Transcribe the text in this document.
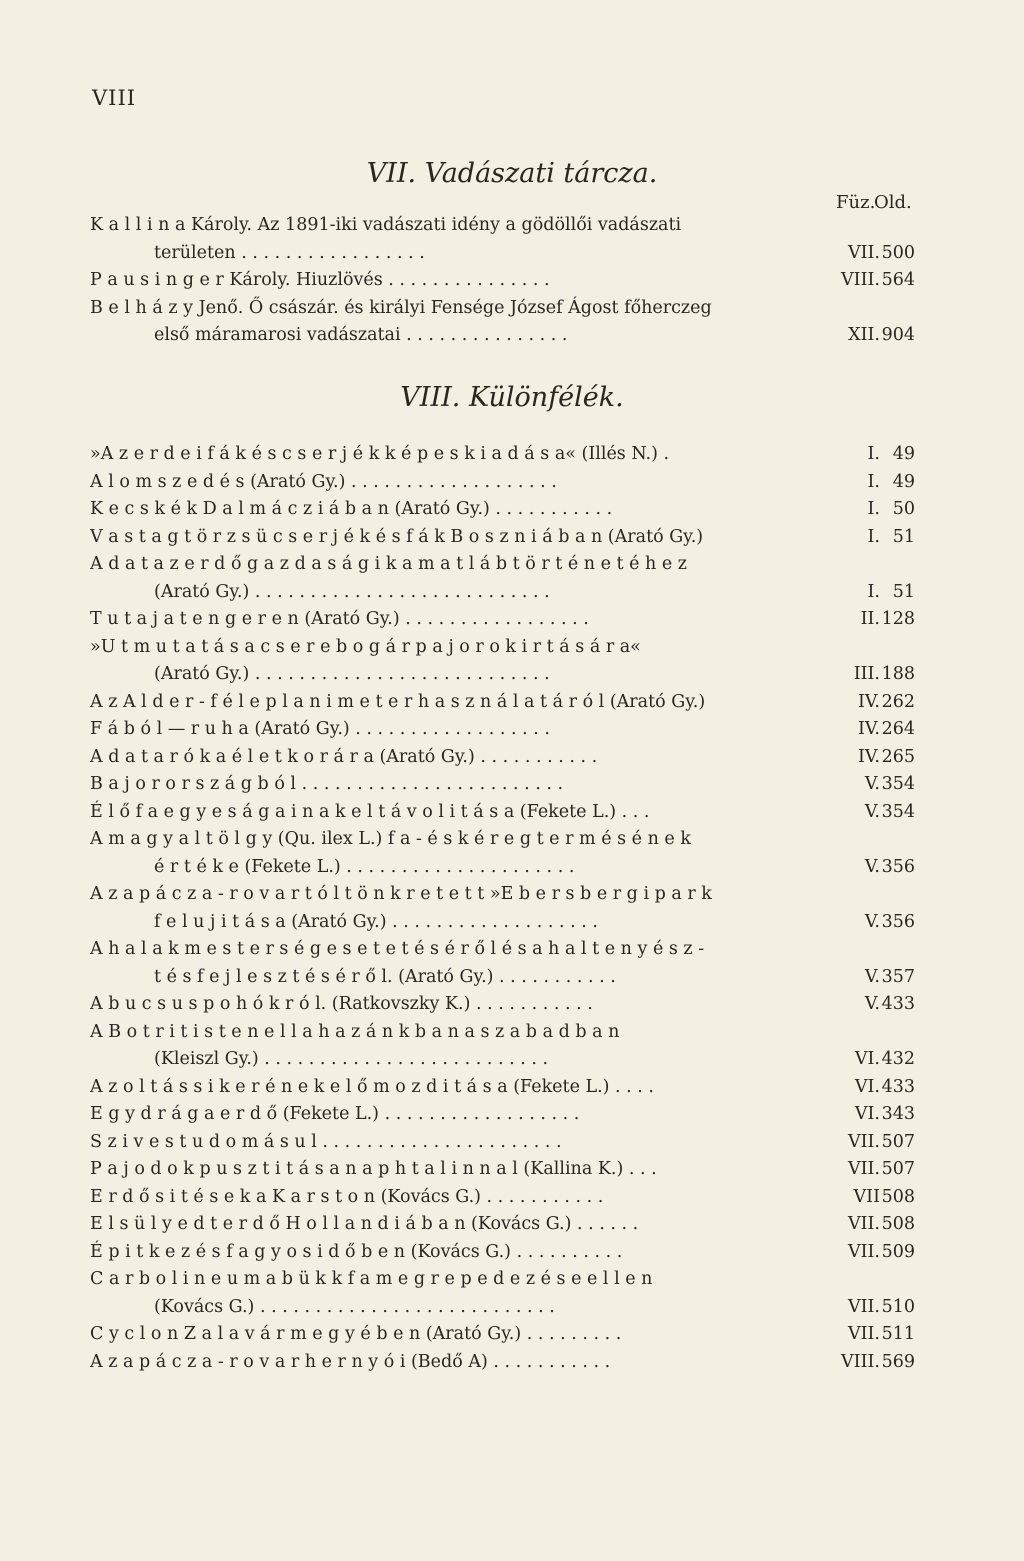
VIII
VII. Vadászati tárcza.
Füz.
Old.
K a l l i n a Károly. Az 1891-iki vadászati idény a gödöllői vadászati
területen . . . . . . . . . . . . . . . . .	VII. 500
P a u s i n g e r Károly. Hiuzlövés . . . . . . . . . . . . . . .	VIII. 564
B e l h á z y Jenő. Ő császár. és királyi Fensége József Ágost főherczeg
első máramarosi vadászatai . . . . . . . . . . . . . . .	XII. 904
VIII. Különfélék.
»A z e r d e i f á k é s c s e r j é k k é p e s k i a d á s a« (Illés N.) .	I. 49
A l o m s z e d é s (Arató Gy.) . . . . . . . . . . . . . . . . . . .	I. 49
K e c s k é k D a l m á c z i á b a n (Arató Gy.) . . . . . . . . . . .	I. 50
V a s t a g t ö r z s ü c s e r j é k é s f á k B o s z n i á b a n (Arató Gy.)	I. 51
A d a t a z e r d ő g a z d a s á g i k a m a t l á b t ö r t é n e t é h e z
(Arató Gy.) . . . . . . . . . . . . . . . . . . . . . . . . . . .	I. 51
T u t a j a t e n g e r e n (Arató Gy.) . . . . . . . . . . . . . . . . .	II. 128
»U t m u t a t á s a c s e r e b o g á r p a j o r o k i r t á s á r a«
(Arató Gy.) . . . . . . . . . . . . . . . . . . . . . . . . . . .	III. 188
A z A l d e r - f é l e p l a n i m e t e r h a s z n á l a t á r ó l (Arató Gy.)	IV. 262
F á b ó l — r u h a (Arató Gy.) . . . . . . . . . . . . . . . . . .	IV. 264
A d a t a r ó k a é l e t k o r á r a (Arató Gy.) . . . . . . . . . . .	IV. 265
B a j o r o r s z á g b ó l . . . . . . . . . . . . . . . . . . . . . . . .	V. 354
É l ő f a e g y e s á g a i n a k e l t á v o l i t á s a (Fekete L.) . . .	V. 354
A m a g y a l t ö l g y (Qu. ilex L.) f a - é s k é r e g t e r m é s é n e k
é r t é k e (Fekete L.) . . . . . . . . . . . . . . . . . . . . .	V. 356
A z a p á c z a - r o v a r t ó l t ö n k r e t e t t »E b e r s b e r g i p a r k
f e l u j i t á s a (Arató Gy.) . . . . . . . . . . . . . . . . . . .	V. 356
A h a l a k m e s t e r s é g e s e t e t é s é r ő l é s a h a l t e n y é s z -
t é s f e j l e s z t é s é r ő l. (Arató Gy.) . . . . . . . . . . .	V. 357
A b u c s u s p o h ó k r ó l. (Ratkovszky K.) . . . . . . . . . . .	V. 433
A B o t r i t i s t e n e l l a h a z á n k b a n a s z a b a d b a n
(Kleiszl Gy.) . . . . . . . . . . . . . . . . . . . . . . . . . .	VI. 432
A z o l t á s s i k e r é n e k e l ő m o z d i t á s a (Fekete L.) . . . .	VI. 433
E g y d r á g a e r d ő (Fekete L.) . . . . . . . . . . . . . . . . . .	VI. 343
S z i v e s t u d o m á s u l . . . . . . . . . . . . . . . . . . . . . .	VII. 507
P a j o d o k p u s z t i t á s a n a p h t a l i n n a l (Kallina K.) . . .	VII. 507
E r d ő s i t é s e k a K a r s t o n (Kovács G.) . . . . . . . . . . .	VII 508
E l s ü l y e d t e r d ő H o l l a n d i á b a n (Kovács G.) . . . . . .	VII. 508
É p i t k e z é s f a g y o s i d ő b e n (Kovács G.) . . . . . . . . . .	VII. 509
C a r b o l i n e u m a b ü k k f a m e g r e p e d e z é s e e l l e n
(Kovács G.) . . . . . . . . . . . . . . . . . . . . . . . . . . .	VII. 510
C y c l o n Z a l a v á r m e g y é b e n (Arató Gy.) . . . . . . . . .	VII. 511
A z a p á c z a - r o v a r h e r n y ó i (Bedő A) . . . . . . . . . . .	VIII. 569
